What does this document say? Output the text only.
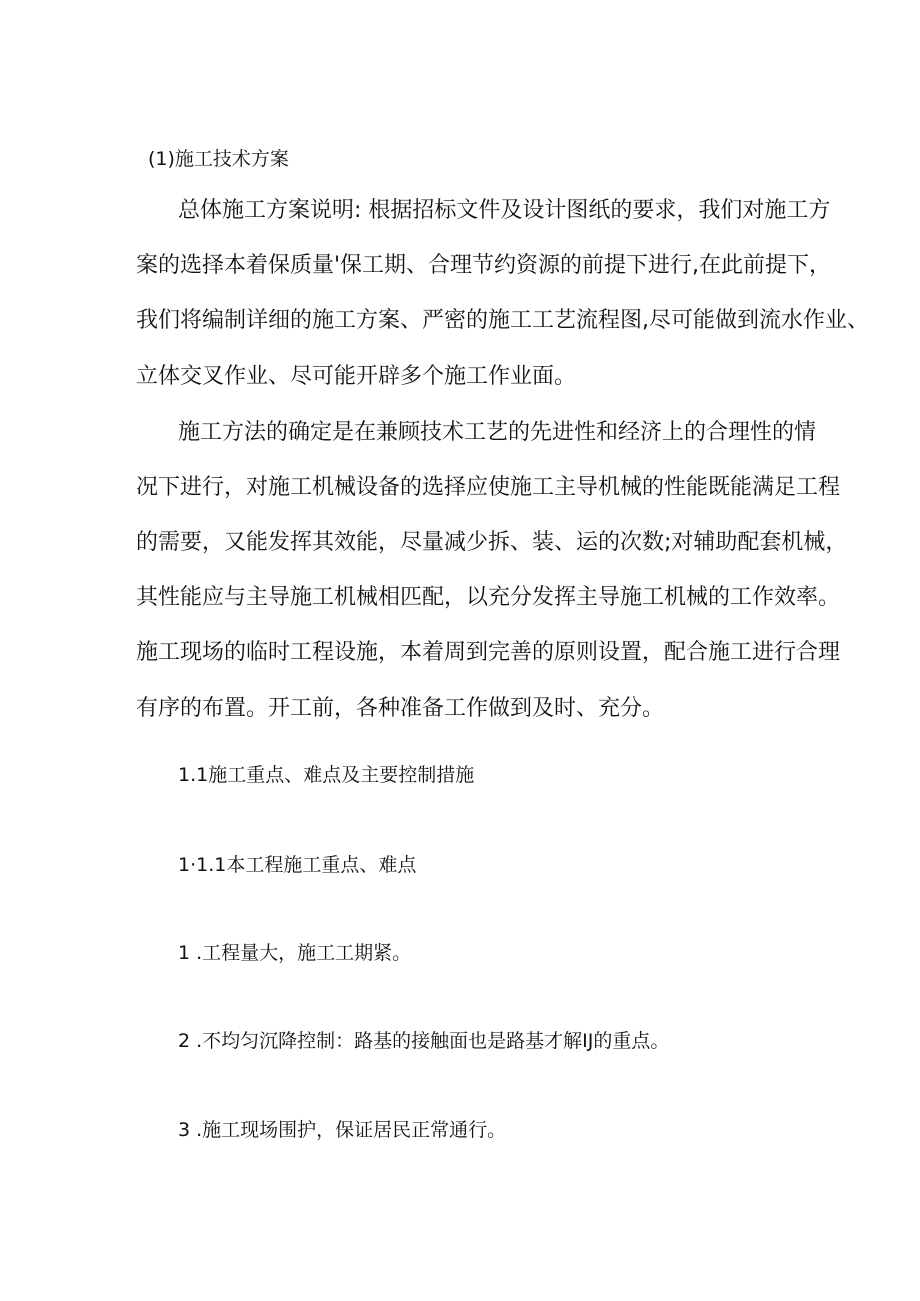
(1)施工技术方案
总体施工方案说明: 根据招标文件及设计图纸的要求，我们对施工方
案的选择本着保质量'保工期、合理节约资源的前提下进行,在此前提下，
我们将编制详细的施工方案、严密的施工工艺流程图,尽可能做到流水作业、
立体交叉作业、尽可能开辟多个施工作业面。
施工方法的确定是在兼顾技术工艺的先进性和经济上的合理性的情
况下进行，对施工机械设备的选择应使施工主导机械的性能既能满足工程
的需要，又能发挥其效能，尽量减少拆、装、运的次数;对辅助配套机械，
其性能应与主导施工机械相匹配，以充分发挥主导施工机械的工作效率。
施工现场的临时工程设施，本着周到完善的原则设置，配合施工进行合理
有序的布置。开工前，各种准备工作做到及时、充分。
1.1施工重点、难点及主要控制措施
1·1.1本工程施工重点、难点
1 .工程量大，施工工期紧。
2 .不均匀沉降控制：路基的接触面也是路基才解IJ的重点。
3 .施工现场围护，保证居民正常通行。
